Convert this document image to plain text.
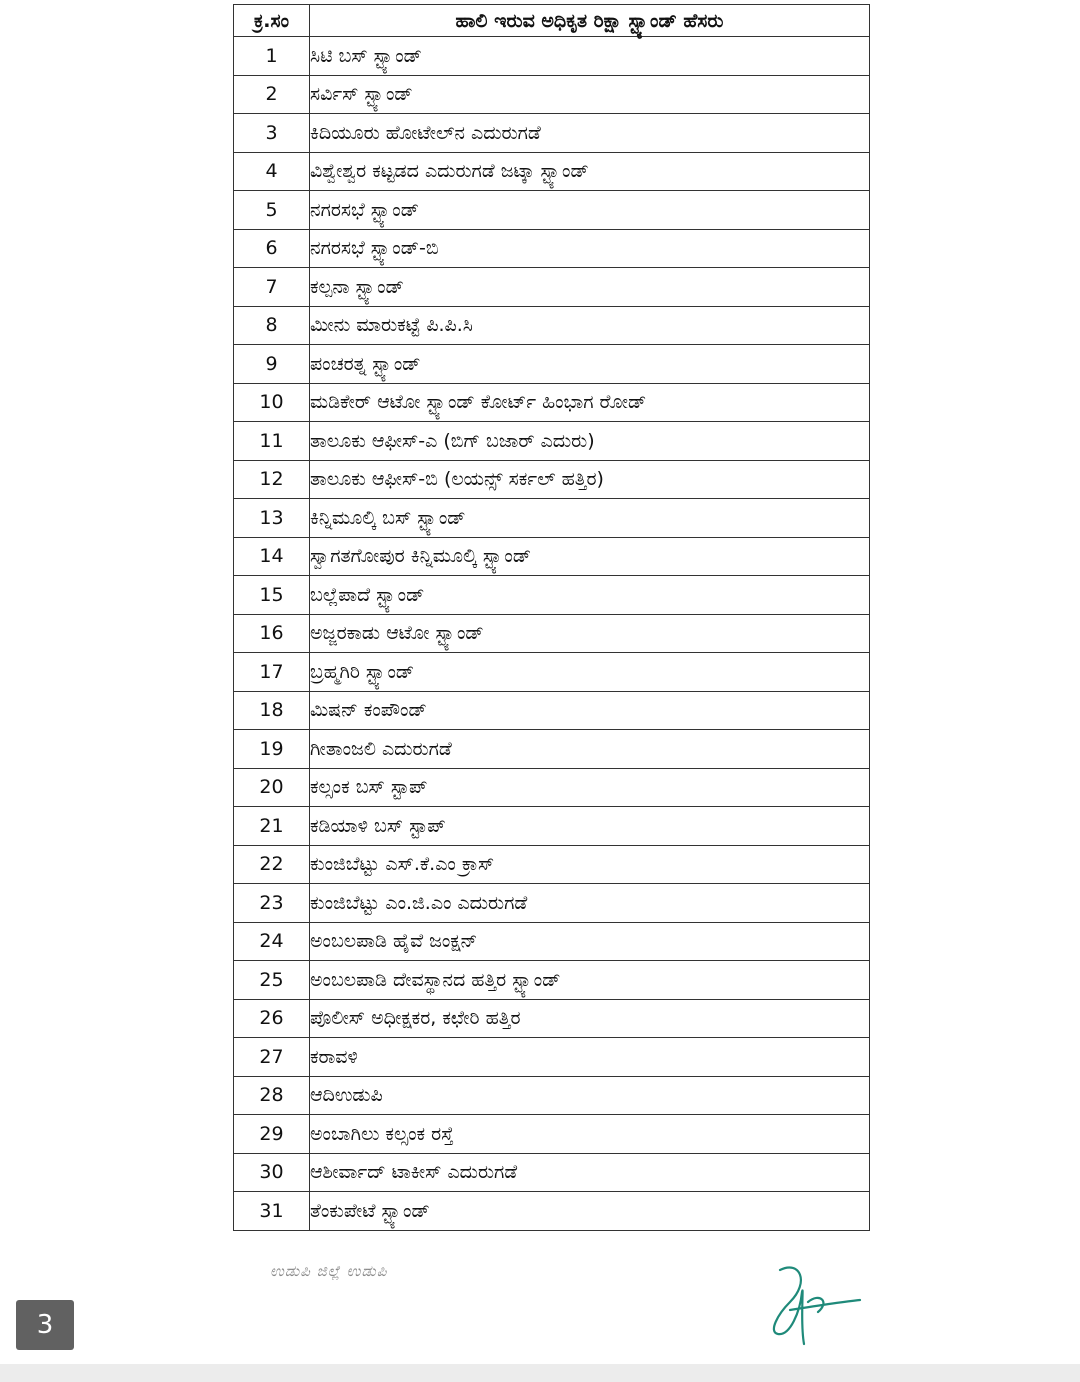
ಕ್ರ.ಸಂ	ಹಾಲಿ ಇರುವ ಅಧಿಕೃತ ರಿಕ್ಷಾ ಸ್ಟ್ಯಾಂಡ್ ಹೆಸರು
1	ಸಿಟಿ ಬಸ್ ಸ್ಟ್ಯಾಂಡ್
2	ಸರ್ವಿಸ್ ಸ್ಟ್ಯಾಂಡ್
3	ಕಿದಿಯೂರು ಹೋಟೇಲ್‌ನ ಎದುರುಗಡೆ
4	ವಿಶ್ವೇಶ್ವರ ಕಟ್ಟಡದ ಎದುರುಗಡೆ ಜಟ್ಕಾ ಸ್ಟ್ಯಾಂಡ್
5	ನಗರಸಭೆ ಸ್ಟ್ಯಾಂಡ್
6	ನಗರಸಭೆ ಸ್ಟ್ಯಾಂಡ್-ಬಿ
7	ಕಲ್ಪನಾ ಸ್ಟ್ಯಾಂಡ್
8	ಮೀನು ಮಾರುಕಟ್ಟೆ ಪಿ.ಪಿ.ಸಿ
9	ಪಂಚರತ್ನ ಸ್ಟ್ಯಾಂಡ್
10	ಮಡಿಕೇರ್ ಆಟೋ ಸ್ಟ್ಯಾಂಡ್ ಕೋರ್ಟ್ ಹಿಂಭಾಗ ರೋಡ್
11	ತಾಲೂಕು ಆಫೀಸ್-ಎ (ಬಿಗ್ ಬಜಾರ್ ಎದುರು)
12	ತಾಲೂಕು ಆಫೀಸ್-ಬಿ (ಲಯನ್ಸ್ ಸರ್ಕಲ್ ಹತ್ತಿರ)
13	ಕಿನ್ನಿಮೂಲ್ಕಿ ಬಸ್ ಸ್ಟ್ಯಾಂಡ್
14	ಸ್ವಾಗತಗೋಪುರ ಕಿನ್ನಿಮೂಲ್ಕಿ ಸ್ಟ್ಯಾಂಡ್
15	ಬಲ್ಲೆಪಾದೆ ಸ್ಟ್ಯಾಂಡ್
16	ಅಜ್ಜರಕಾಡು ಆಟೋ ಸ್ಟ್ಯಾಂಡ್
17	ಬ್ರಹ್ಮಗಿರಿ ಸ್ಟ್ಯಾಂಡ್
18	ಮಿಷನ್ ಕಂಪೌಂಡ್
19	ಗೀತಾಂಜಲಿ ಎದುರುಗಡೆ
20	ಕಲ್ಸಂಕ ಬಸ್ ಸ್ಟಾಪ್
21	ಕಡಿಯಾಳಿ ಬಸ್ ಸ್ಟಾಪ್
22	ಕುಂಜಿಬೆಟ್ಟು ಎಸ್.ಕೆ.ಎಂ ಕ್ರಾಸ್
23	ಕುಂಜಿಬೆಟ್ಟು ಎಂ.ಜಿ.ಎಂ ಎದುರುಗಡೆ
24	ಅಂಬಲಪಾಡಿ ಹೈವೆ ಜಂಕ್ಷನ್
25	ಅಂಬಲಪಾಡಿ ದೇವಸ್ಥಾನದ ಹತ್ತಿರ ಸ್ಟ್ಯಾಂಡ್
26	ಪೊಲೀಸ್ ಅಧೀಕ್ಷಕರ, ಕಛೇರಿ ಹತ್ತಿರ
27	ಕರಾವಳಿ
28	ಆದಿಉಡುಪಿ
29	ಅಂಬಾಗಿಲು ಕಲ್ಸಂಕ ರಸ್ತೆ
30	ಆಶೀರ್ವಾದ್ ಟಾಕೀಸ್ ಎದುರುಗಡೆ
31	ತೆಂಕುಪೇಟೆ ಸ್ಟ್ಯಾಂಡ್
ಉಡುಪಿ ಜಿಲ್ಲೆ ಉಡುಪಿ
3
